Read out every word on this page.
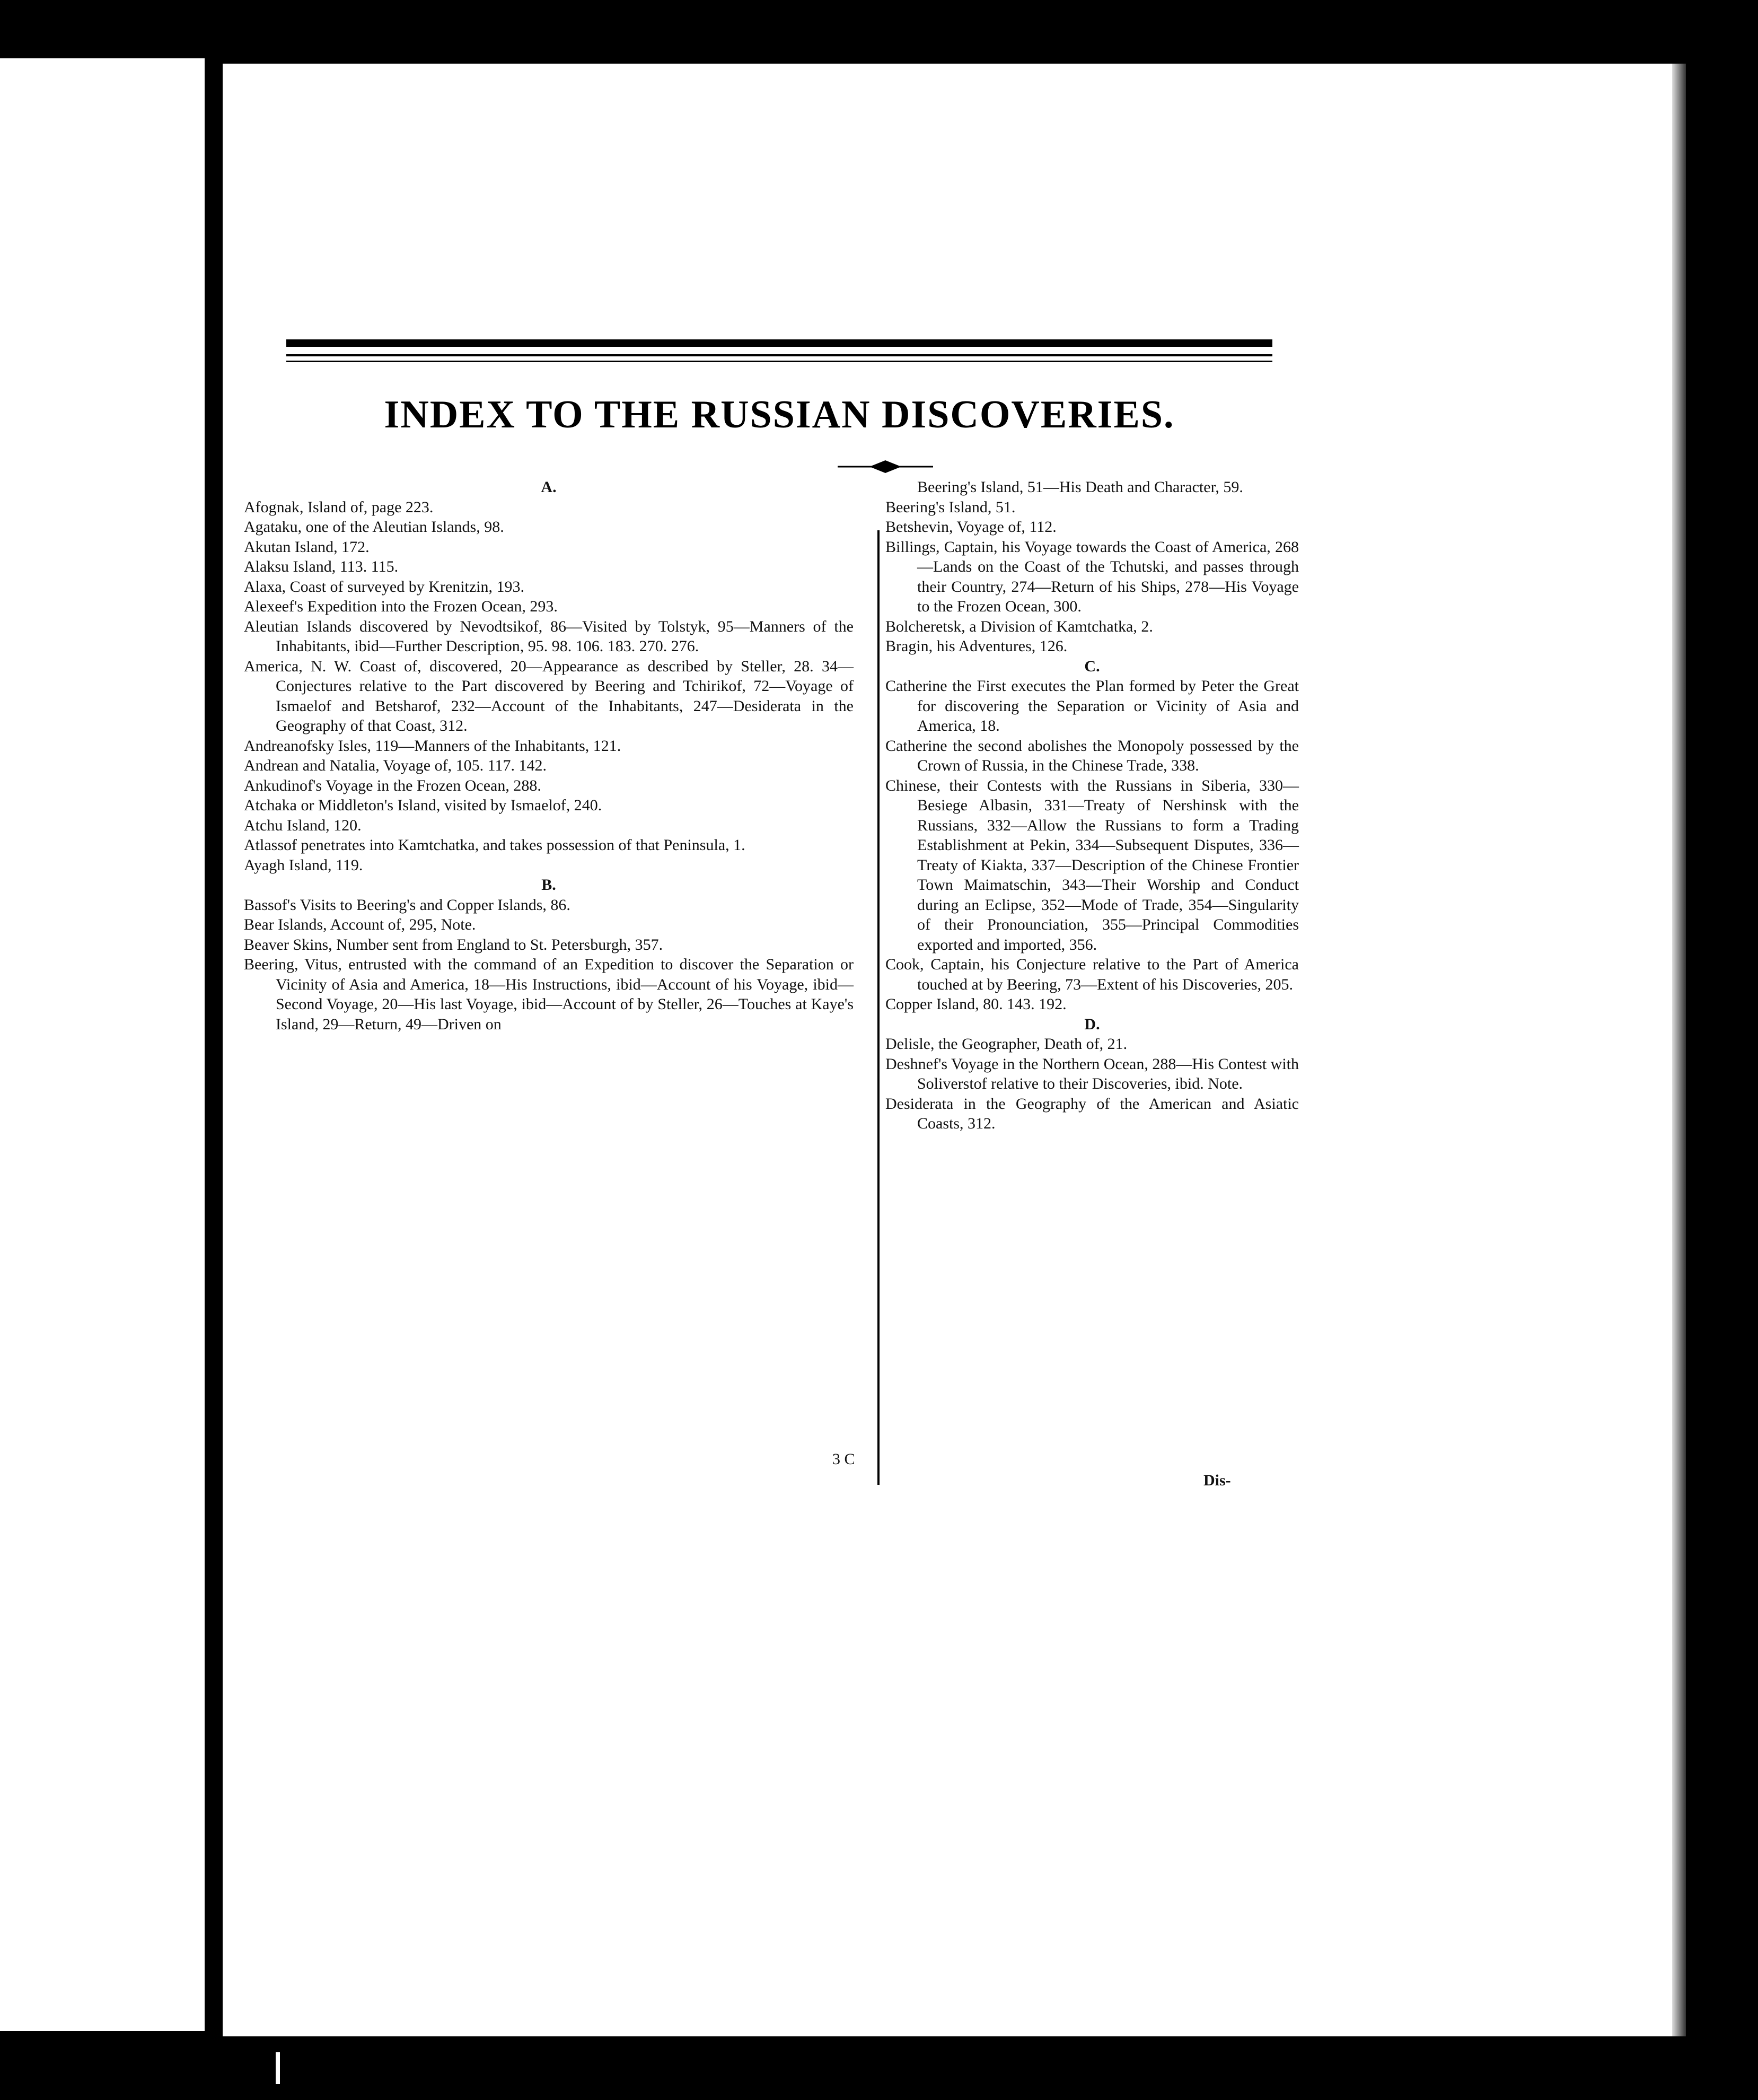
INDEX TO THE RUSSIAN DISCOVERIES.

A.

Afognak, Island of, page 223.

Agataku, one of the Aleutian Islands, 98.

Akutan Island, 172.

Alaksu Island, 113. 115.

Alaxa, Coast of surveyed by Krenitzin, 193.

Alexeef's Expedition into the Frozen Ocean, 293.

Aleutian Islands discovered by Nevodtsikof, 86—Visited by Tolstyk, 95—Manners of the Inhabitants, ibid—Further Description, 95. 98. 106. 183. 270. 276.

America, N. W. Coast of, discovered, 20—Appearance as described by Steller, 28. 34—Conjectures relative to the Part discovered by Beering and Tchirikof, 72—Voyage of Ismaelof and Betsharof, 232—Account of the Inhabitants, 247—Desiderata in the Geography of that Coast, 312.

Andreanofsky Isles, 119—Manners of the Inhabitants, 121.

Andrean and Natalia, Voyage of, 105. 117. 142.

Ankudinof's Voyage in the Frozen Ocean, 288.

Atchaka or Middleton's Island, visited by Ismaelof, 240.

Atchu Island, 120.

Atlassof penetrates into Kamtchatka, and takes possession of that Peninsula, 1.

Ayagh Island, 119.

B.

Bassof's Visits to Beering's and Copper Islands, 86.

Bear Islands, Account of, 295, Note.

Beaver Skins, Number sent from England to St. Petersburgh, 357.

Beering, Vitus, entrusted with the command of an Expedition to discover the Separation or Vicinity of Asia and America, 18—His Instructions, ibid—Account of his Voyage, ibid—Second Voyage, 20—His last Voyage, ibid—Account of by Steller, 26—Touches at Kaye's Island, 29—Return, 49—Driven on

Beering's Island, 51—His Death and Character, 59.

Beering's Island, 51.

Betshevin, Voyage of, 112.

Billings, Captain, his Voyage towards the Coast of America, 268—Lands on the Coast of the Tchutski, and passes through their Country, 274—Return of his Ships, 278—His Voyage to the Frozen Ocean, 300.

Bolcheretsk, a Division of Kamtchatka, 2.

Bragin, his Adventures, 126.

C.

Catherine the First executes the Plan formed by Peter the Great for discovering the Separation or Vicinity of Asia and America, 18.

Catherine the second abolishes the Monopoly possessed by the Crown of Russia, in the Chinese Trade, 338.

Chinese, their Contests with the Russians in Siberia, 330—Besiege Albasin, 331—Treaty of Nershinsk with the Russians, 332—Allow the Russians to form a Trading Establishment at Pekin, 334—Subsequent Disputes, 336—Treaty of Kiakta, 337—Description of the Chinese Frontier Town Maimatschin, 343—Their Worship and Conduct during an Eclipse, 352—Mode of Trade, 354—Singularity of their Pronounciation, 355—Principal Commodities exported and imported, 356.

Cook, Captain, his Conjecture relative to the Part of America touched at by Beering, 73—Extent of his Discoveries, 205.

Copper Island, 80. 143. 192.

D.

Delisle, the Geographer, Death of, 21.

Deshnef's Voyage in the Northern Ocean, 288—His Contest with Soliverstof relative to their Discoveries, ibid. Note.

Desiderata in the Geography of the American and Asiatic Coasts, 312.

3 C
Dis-
